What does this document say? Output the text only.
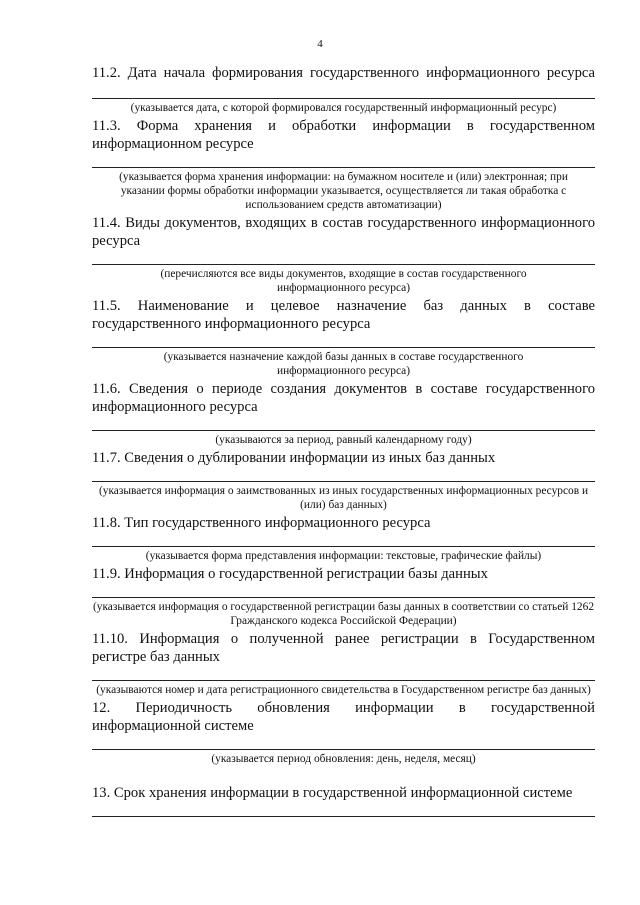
4

11.2. Дата начала формирования государственного информационного ресурса

(указывается дата, с которой формировался государственный информационный ресурс)

11.3. Форма хранения и обработки информации в государственном информационном ресурсе

(указывается форма хранения информации: на бумажном носителе и (или) электронная; при указании формы обработки информации указывается, осуществляется ли такая обработка с использованием средств автоматизации)

11.4. Виды документов, входящих в состав государственного информационного ресурса

(перечисляются все виды документов, входящие в состав государственного информационного ресурса)

11.5. Наименование и целевое назначение баз данных в составе государственного информационного ресурса

(указывается назначение каждой базы данных в составе государственного информационного ресурса)

11.6. Сведения о периоде создания документов в составе государственного информационного ресурса

(указываются за период, равный календарному году)

11.7. Сведения о дублировании информации из иных баз данных

(указывается информация о заимствованных из иных государственных информационных ресурсов и (или) баз данных)

11.8. Тип государственного информационного ресурса

(указывается форма представления информации: текстовые, графические файлы)

11.9. Информация о государственной регистрации базы данных

(указывается информация о государственной регистрации базы данных в соответствии со статьей 1262 Гражданского кодекса Российской Федерации)

11.10. Информация о полученной ранее регистрации в Государственном регистре баз данных

(указываются номер и дата регистрационного свидетельства в Государственном регистре баз данных)

12. Периодичность обновления информации в государственной информационной системе

(указывается период обновления: день, неделя, месяц)

13. Срок хранения информации в государственной информационной системе
